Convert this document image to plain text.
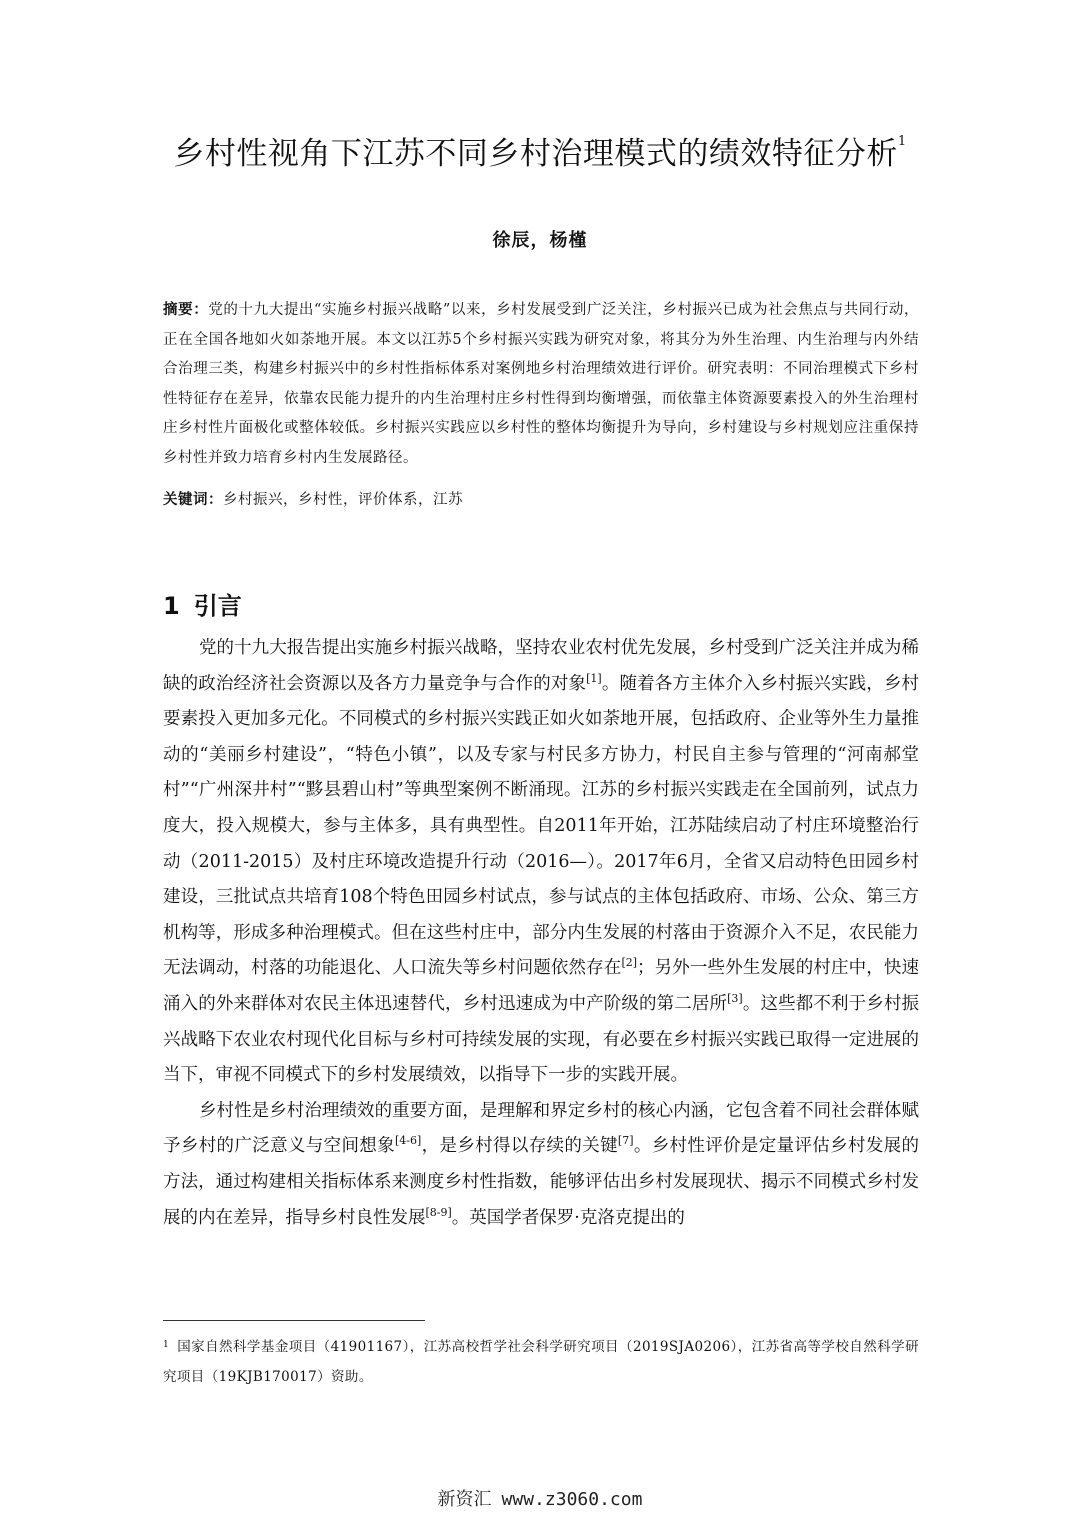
乡村性视角下江苏不同乡村治理模式的绩效特征分析$^1$
徐辰，杨槿
摘要：党的十九大提出“实施乡村振兴战略”以来，乡村发展受到广泛关注，乡村振兴已成为社会焦点与共同行动，正在全国各地如火如荼地开展。本文以江苏5个乡村振兴实践为研究对象，将其分为外生治理、内生治理与内外结合治理三类，构建乡村振兴中的乡村性指标体系对案例地乡村治理绩效进行评价。研究表明：不同治理模式下乡村性特征存在差异，依靠农民能力提升的内生治理村庄乡村性得到均衡增强，而依靠主体资源要素投入的外生治理村庄乡村性片面极化或整体较低。乡村振兴实践应以乡村性的整体均衡提升为导向，乡村建设与乡村规划应注重保持乡村性并致力培育乡村内生发展路径。
关键词：乡村振兴，乡村性，评价体系，江苏
1 引言

党的十九大报告提出实施乡村振兴战略，坚持农业农村优先发展，乡村受到广泛关注并成为稀缺的政治经济社会资源以及各方力量竞争与合作的对象[1]。随着各方主体介入乡村振兴实践，乡村要素投入更加多元化。不同模式的乡村振兴实践正如火如荼地开展，包括政府、企业等外生力量推动的“美丽乡村建设”，“特色小镇”，以及专家与村民多方协力，村民自主参与管理的“河南郝堂村”“广州深井村”“黟县碧山村”等典型案例不断涌现。江苏的乡村振兴实践走在全国前列，试点力度大，投入规模大，参与主体多，具有典型性。自2011年开始，江苏陆续启动了村庄环境整治行动（2011-2015）及村庄环境改造提升行动（2016—）。2017年6月，全省又启动特色田园乡村建设，三批试点共培育108个特色田园乡村试点，参与试点的主体包括政府、市场、公众、第三方机构等，形成多种治理模式。但在这些村庄中，部分内生发展的村落由于资源介入不足，农民能力无法调动，村落的功能退化、人口流失等乡村问题依然存在[2]；另外一些外生发展的村庄中，快速涌入的外来群体对农民主体迅速替代，乡村迅速成为中产阶级的第二居所[3]。这些都不利于乡村振兴战略下农业农村现代化目标与乡村可持续发展的实现，有必要在乡村振兴实践已取得一定进展的当下，审视不同模式下的乡村发展绩效，以指导下一步的实践开展。

乡村性是乡村治理绩效的重要方面，是理解和界定乡村的核心内涵，它包含着不同社会群体赋予乡村的广泛意义与空间想象[4-6]，是乡村得以存续的关键[7]。乡村性评价是定量评估乡村发展的方法，通过构建相关指标体系来测度乡村性指数，能够评估出乡村发展现状、揭示不同模式乡村发展的内在差异，指导乡村良性发展[8-9]。英国学者保罗·克洛克提出的

$^1$ 国家自然科学基金项目（41901167），江苏高校哲学社会科学研究项目（2019SJA0206），江苏省高等学校自然科学研究项目（19KJB170017）资助。
新资汇 www.z3060.com
